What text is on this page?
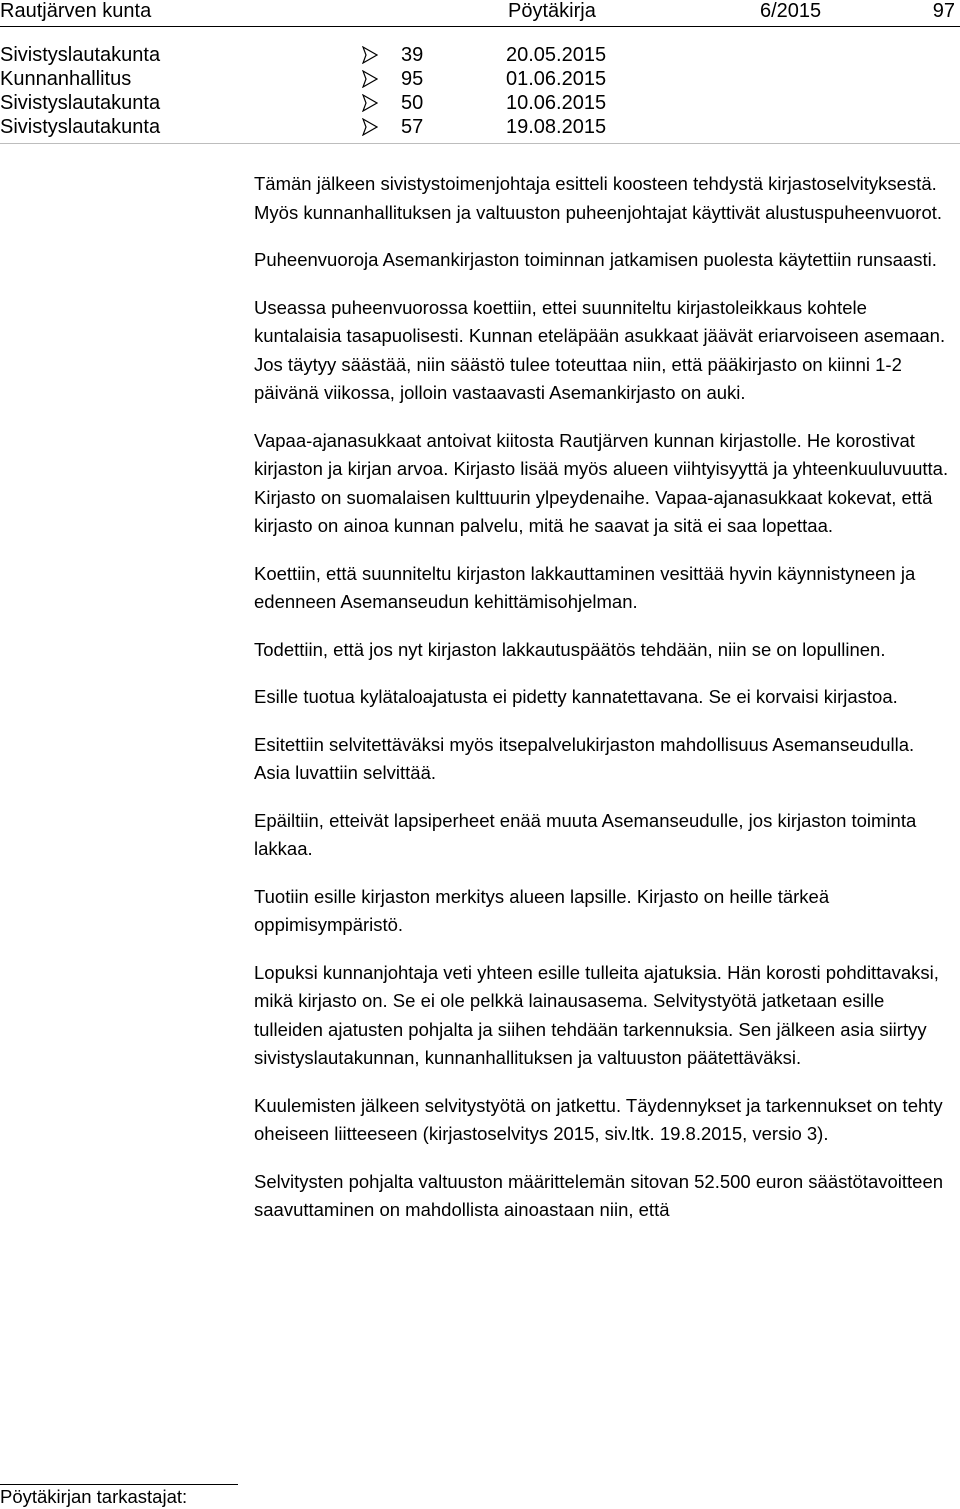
Rautjärven kunta	Pöytäkirja	6/2015	97
Sivistyslautakunta	39	20.05.2015
Kunnanhallitus	95	01.06.2015
Sivistyslautakunta	50	10.06.2015
Sivistyslautakunta	57	19.08.2015

Tämän jälkeen sivistystoimenjohtaja esitteli koosteen tehdystä kirjastoselvityksestä. Myös kunnanhallituksen ja valtuuston puheenjohtajat käyttivät alustuspuheenvuorot.

Puheenvuoroja Asemankirjaston toiminnan jatkamisen puolesta käytettiin runsaasti.

Useassa puheenvuorossa koettiin, ettei suunniteltu kirjastoleikkaus kohtele kuntalaisia tasapuolisesti. Kunnan eteläpään asukkaat jäävät eriarvoiseen asemaan. Jos täytyy säästää, niin säästö tulee toteuttaa niin, että pääkirjasto on kiinni 1-2 päivänä viikossa, jolloin vastaavasti Asemankirjasto on auki.

Vapaa-ajanasukkaat antoivat kiitosta Rautjärven kunnan kirjastolle. He korostivat kirjaston ja kirjan arvoa. Kirjasto lisää myös alueen viihtyisyyttä ja yhteenkuuluvuutta. Kirjasto on suomalaisen kulttuurin ylpeydenaihe. Vapaa-ajanasukkaat kokevat, että kirjasto on ainoa kunnan palvelu, mitä he saavat ja sitä ei saa lopettaa.

Koettiin, että suunniteltu kirjaston lakkauttaminen vesittää hyvin käynnistyneen ja edenneen Asemanseudun kehittämisohjelman.

Todettiin, että jos nyt kirjaston lakkautuspäätös tehdään, niin se on lopullinen.

Esille tuotua kylätaloajatusta ei pidetty kannatettavana. Se ei korvaisi kirjastoa.

Esitettiin selvitettäväksi myös itsepalvelukirjaston mahdollisuus Asemanseudulla. Asia luvattiin selvittää.

Epäiltiin, etteivät lapsiperheet enää muuta Asemanseudulle, jos kirjaston toiminta lakkaa.

Tuotiin esille kirjaston merkitys alueen lapsille. Kirjasto on heille tärkeä oppimisympäristö.

Lopuksi kunnanjohtaja veti yhteen esille tulleita ajatuksia. Hän korosti pohdittavaksi, mikä kirjasto on. Se ei ole pelkkä lainausasema. Selvitystyötä jatketaan esille tulleiden ajatusten pohjalta ja siihen tehdään tarkennuksia. Sen jälkeen asia siirtyy sivistyslautakunnan, kunnanhallituksen ja valtuuston päätettäväksi.

Kuulemisten jälkeen selvitystyötä on jatkettu. Täydennykset ja tarkennukset on tehty oheiseen liitteeseen (kirjastoselvitys 2015, siv.ltk. 19.8.2015, versio 3).

Selvitysten pohjalta valtuuston määrittelemän sitovan 52.500 euron säästötavoitteen saavuttaminen on mahdollista ainoastaan niin, että

Pöytäkirjan tarkastajat:
